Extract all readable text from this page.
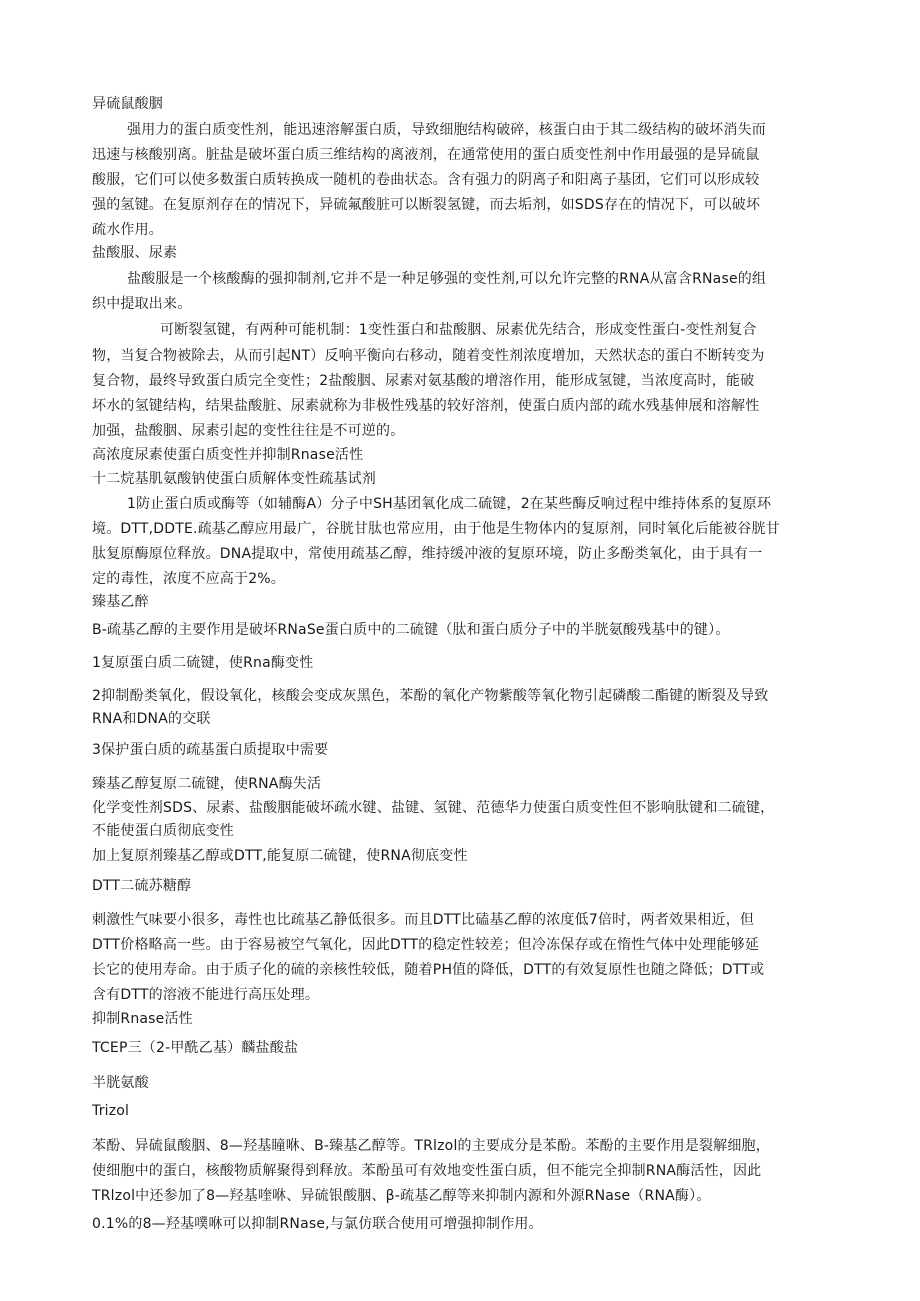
异硫鼠酸胭
强用力的蛋白质变性剂，能迅速溶解蛋白质，导致细胞结构破碎，核蛋白由于其二级结构的破坏消失而
迅速与核酸别离。脏盐是破坏蛋白质三维结构的离液剂，在通常使用的蛋白质变性剂中作用最强的是异硫鼠
酸服，它们可以使多数蛋白质转换成一随机的卷曲状态。含有强力的阴离子和阳离子基团，它们可以形成较
强的氢键。在复原剂存在的情况下，异硫氟酸脏可以断裂氢键，而去垢剂，如SDS存在的情况下，可以破坏
疏水作用。
盐酸服、尿素
盐酸服是一个核酸酶的强抑制剂,它并不是一种足够强的变性剂,可以允许完整的RNA从富含RNase的组
织中提取出来。
可断裂氢键，有两种可能机制：1变性蛋白和盐酸胭、尿素优先结合，形成变性蛋白-变性剂复合
物，当复合物被除去，从而引起NT）反响平衡向右移动，随着变性剂浓度增加，天然状态的蛋白不断转变为
复合物，最终导致蛋白质完全变性；2盐酸胭、尿素对氨基酸的增溶作用，能形成氢键，当浓度高时，能破
坏水的氢键结构，结果盐酸脏、尿素就称为非极性残基的较好溶剂，使蛋白质内部的疏水残基伸展和溶解性
加强，盐酸胭、尿素引起的变性往往是不可逆的。
高浓度尿素使蛋白质变性并抑制Rnase活性
十二烷基肌氨酸钠使蛋白质解体变性疏基试剂
1防止蛋白质或酶等（如辅酶A）分子中SH基团氧化成二硫键，2在某些酶反响过程中维持体系的复原环
境。DTT,DDTE.疏基乙醇应用最广，谷胱甘肽也常应用，由于他是生物体内的复原剂，同时氧化后能被谷胱甘
肽复原酶原位释放。DNA提取中，常使用疏基乙醇，维持缓冲液的复原环境，防止多酚类氧化，由于具有一
定的毒性，浓度不应高于2%。
臻基乙醉
B-疏基乙醇的主要作用是破坏RNaSe蛋白质中的二硫键（肽和蛋白质分子中的半胱氨酸残基中的键）。
1复原蛋白质二硫键，使Rna酶变性
2抑制酚类氧化，假设氧化，核酸会变成灰黑色，苯酚的氧化产物紫酸等氧化物引起磷酸二酯键的断裂及导致
RNA和DNA的交联
3保护蛋白质的疏基蛋白质提取中需要
臻基乙醇复原二硫键，使RNA酶失活
化学变性剂SDS、尿素、盐酸胭能破坏疏水键、盐键、氢键、范德华力使蛋白质变性但不影响肽键和二硫键，
不能使蛋白质彻底变性
加上复原剂臻基乙醇或DTT,能复原二硫键，使RNA彻底变性
DTT二硫苏糖醇
刺激性气味要小很多，毒性也比疏基乙静低很多。而且DTT比磕基乙醇的浓度低7倍时，两者效果相近，但
DTT价格略高一些。由于容易被空气氧化，因此DTT的稳定性较差；但冷冻保存或在惰性气体中处理能够延
长它的使用寿命。由于质子化的硫的亲核性较低，随着PH值的降低，DTT的有效复原性也随之降低；DTT或
含有DTT的溶液不能进行高压处理。
抑制Rnase活性
TCEP三（2-甲酰乙基）麟盐酸盐
半胱氨酸
Trizol
苯酚、异硫鼠酸胭、8—羟基瞳咻、B-臻基乙醇等。TRlzol的主要成分是苯酚。苯酚的主要作用是裂解细胞，
使细胞中的蛋白，核酸物质解聚得到释放。苯酚虽可有效地变性蛋白质，但不能完全抑制RNA酶活性，因此
TRlzol中还参加了8—羟基喹咻、异硫银酸胭、β-疏基乙醇等来抑制内源和外源RNase（RNA酶）。
0.1%的8—羟基噗咻可以抑制RNase,与氯仿联合使用可增强抑制作用。
